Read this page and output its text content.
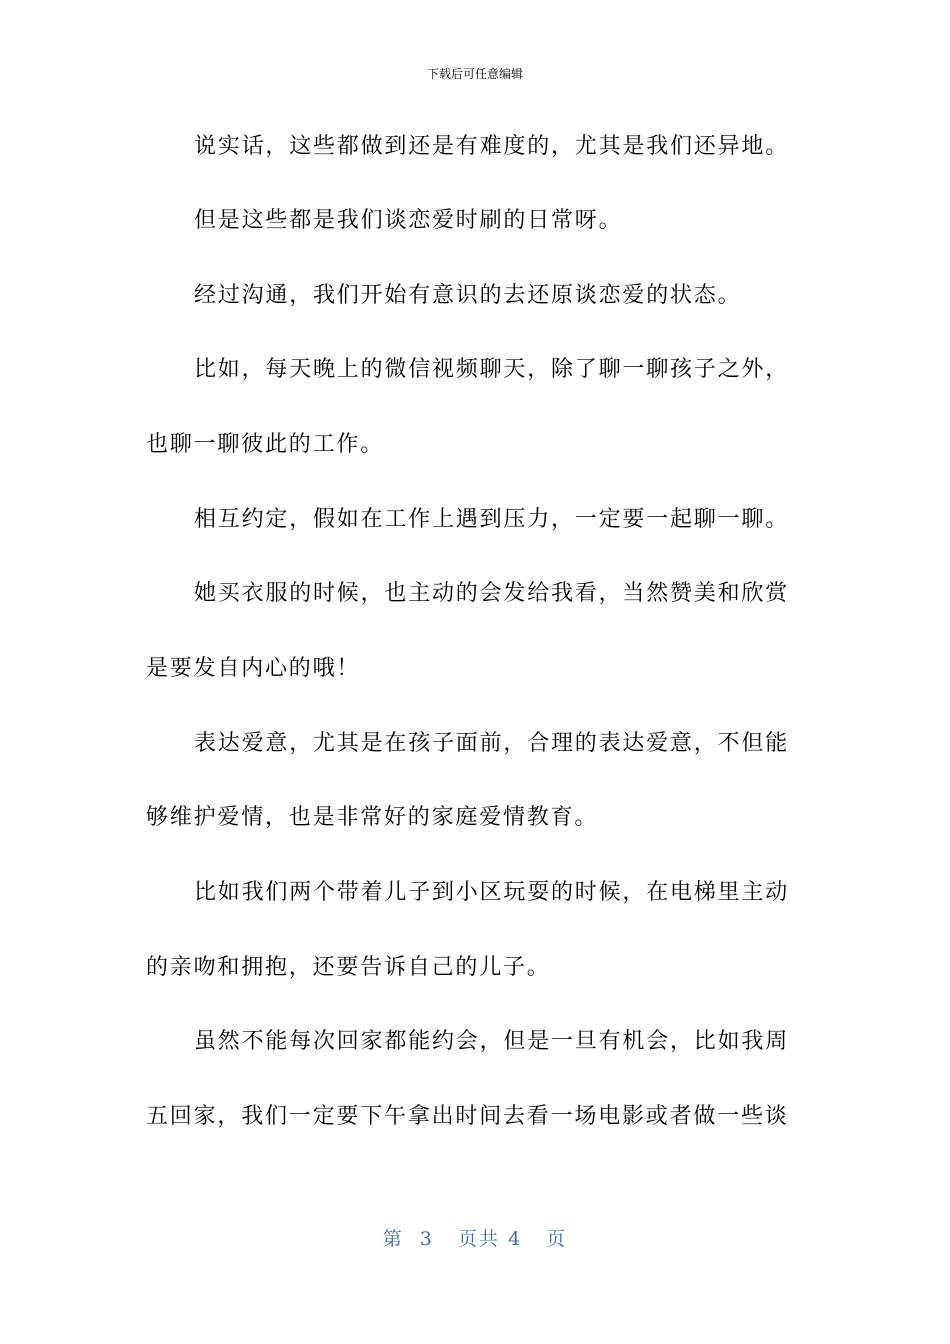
下载后可任意编辑
说实话，这些都做到还是有难度的，尤其是我们还异地。
但是这些都是我们谈恋爱时刷的日常呀。
经过沟通，我们开始有意识的去还原谈恋爱的状态。
比如，每天晚上的微信视频聊天，除了聊一聊孩子之外，
也聊一聊彼此的工作。
相互约定，假如在工作上遇到压力，一定要一起聊一聊。
她买衣服的时候，也主动的会发给我看，当然赞美和欣赏
是要发自内心的哦！
表达爱意，尤其是在孩子面前，合理的表达爱意，不但能
够维护爱情，也是非常好的家庭爱情教育。
比如我们两个带着儿子到小区玩耍的时候，在电梯里主动
的亲吻和拥抱，还要告诉自己的儿子。
虽然不能每次回家都能约会，但是一旦有机会，比如我周
五回家，我们一定要下午拿出时间去看一场电影或者做一些谈
第 3 页共 4 页
